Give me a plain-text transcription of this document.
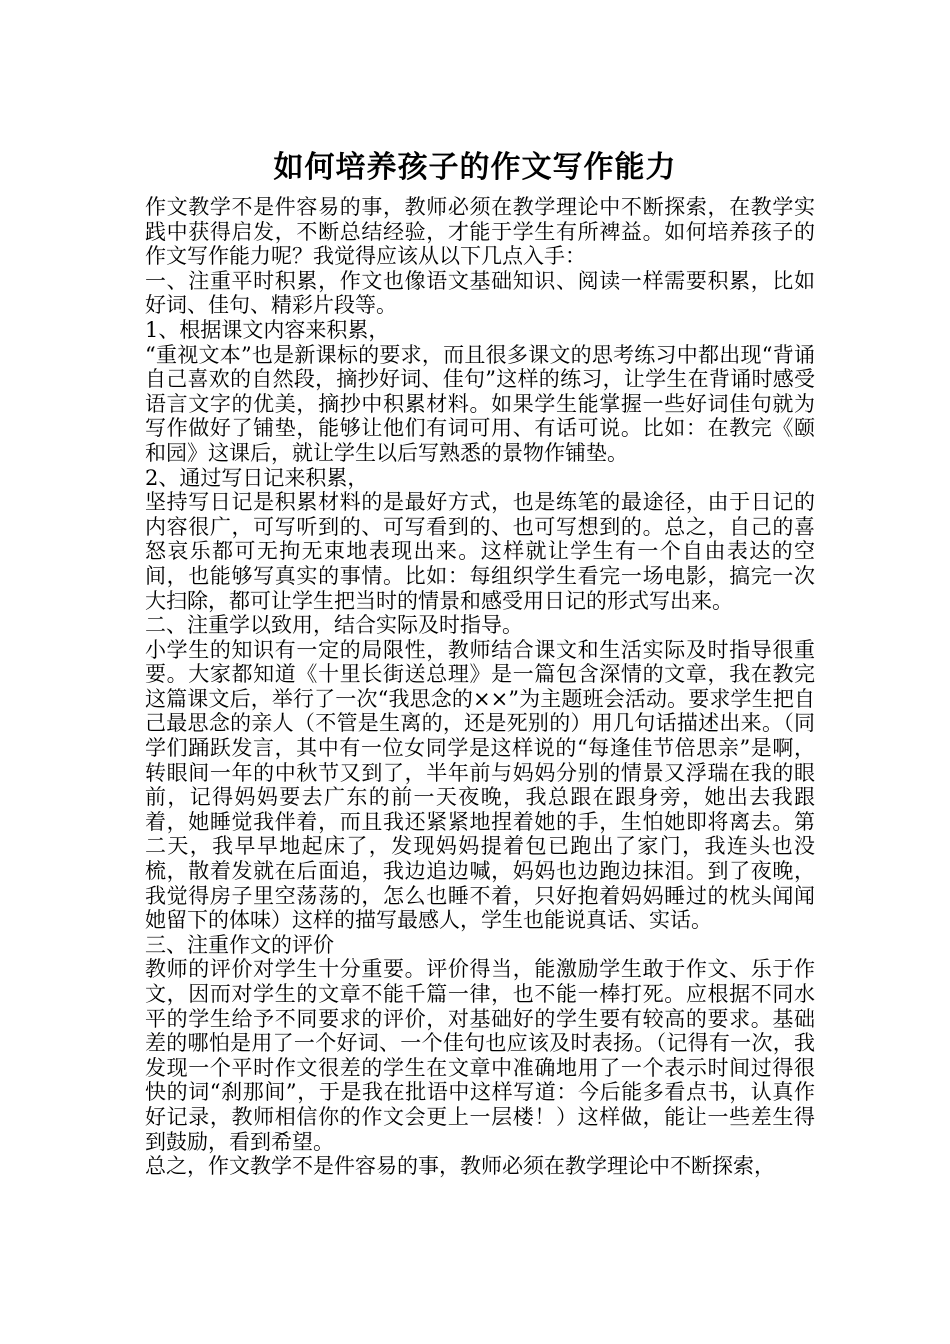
如何培养孩子的作文写作能力

作文教学不是件容易的事，教师必须在教学理论中不断探索，在教学实践中获得启发，不断总结经验，才能于学生有所裨益。如何培养孩子的作文写作能力呢？我觉得应该从以下几点入手：

一、注重平时积累，作文也像语文基础知识、阅读一样需要积累，比如好词、佳句、精彩片段等。

1、根据课文内容来积累，

“重视文本”也是新课标的要求，而且很多课文的思考练习中都出现“背诵自己喜欢的自然段，摘抄好词、佳句”这样的练习，让学生在背诵时感受语言文字的优美，摘抄中积累材料。如果学生能掌握一些好词佳句就为写作做好了铺垫，能够让他们有词可用、有话可说。比如：在教完《颐和园》这课后，就让学生以后写熟悉的景物作铺垫。

2、通过写日记来积累，

坚持写日记是积累材料的是最好方式，也是练笔的最途径，由于日记的内容很广，可写听到的、可写看到的、也可写想到的。总之，自己的喜怒哀乐都可无拘无束地表现出来。这样就让学生有一个自由表达的空间，也能够写真实的事情。比如：每组织学生看完一场电影，搞完一次大扫除，都可让学生把当时的情景和感受用日记的形式写出来。

二、注重学以致用，结合实际及时指导。

小学生的知识有一定的局限性，教师结合课文和生活实际及时指导很重要。大家都知道《十里长街送总理》是一篇包含深情的文章，我在教完这篇课文后，举行了一次“我思念的××”为主题班会活动。要求学生把自己最思念的亲人（不管是生离的，还是死别的）用几句话描述出来。（同学们踊跃发言，其中有一位女同学是这样说的“每逢佳节倍思亲”是啊，转眼间一年的中秋节又到了，半年前与妈妈分别的情景又浮瑞在我的眼前，记得妈妈要去广东的前一天夜晚，我总跟在跟身旁，她出去我跟着，她睡觉我伴着，而且我还紧紧地捏着她的手，生怕她即将离去。第二天，我早早地起床了，发现妈妈提着包已跑出了家门，我连头也没梳，散着发就在后面追，我边追边喊，妈妈也边跑边抹泪。到了夜晚，我觉得房子里空荡荡的，怎么也睡不着，只好抱着妈妈睡过的枕头闻闻她留下的体味）这样的描写最感人，学生也能说真话、实话。

三、注重作文的评价

教师的评价对学生十分重要。评价得当，能激励学生敢于作文、乐于作文，因而对学生的文章不能千篇一律，也不能一棒打死。应根据不同水平的学生给予不同要求的评价，对基础好的学生要有较高的要求。基础差的哪怕是用了一个好词、一个佳句也应该及时表扬。（记得有一次，我发现一个平时作文很差的学生在文章中准确地用了一个表示时间过得很快的词“刹那间”，于是我在批语中这样写道：今后能多看点书，认真作好记录，教师相信你的作文会更上一层楼！）这样做，能让一些差生得到鼓励，看到希望。

总之，作文教学不是件容易的事，教师必须在教学理论中不断探索，
